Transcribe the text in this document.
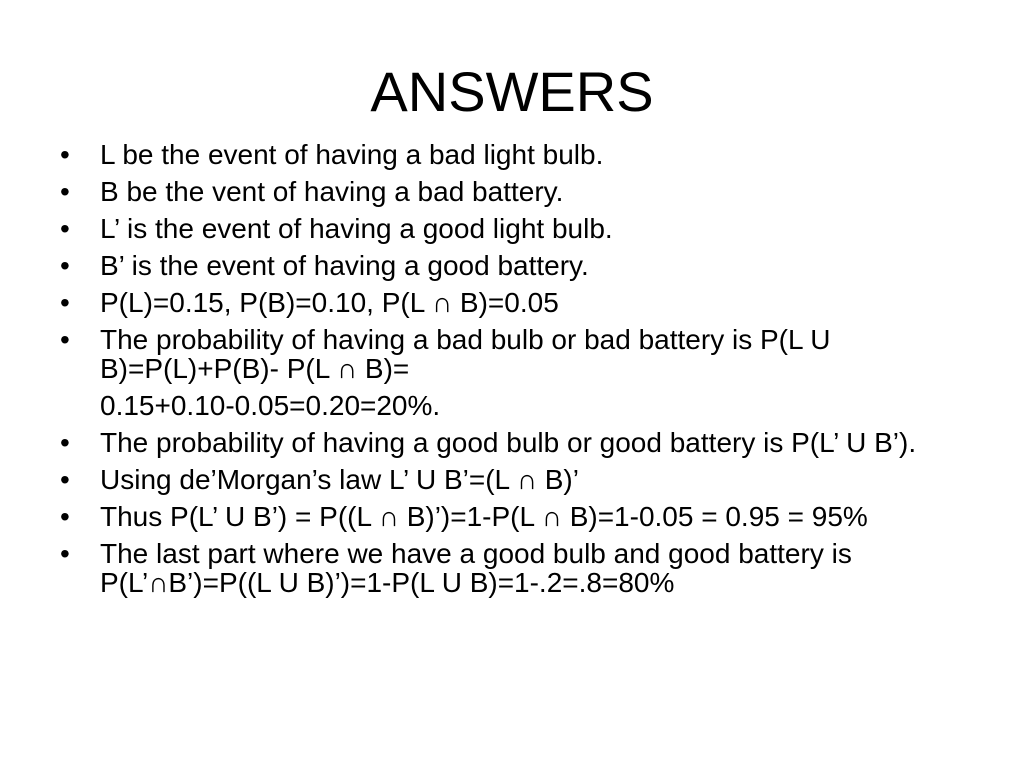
ANSWERS
• L be the event of having a bad light bulb.
• B be the vent of having a bad battery.
• L’ is the event of having a good light bulb.
• B’ is the event of having a good battery.
• P(L)=0.15, P(B)=0.10, P(L ∩ B)=0.05
• The probability of having a bad bulb or bad battery is P(L U B)=P(L)+P(B)- P(L ∩ B)=
0.15+0.10-0.05=0.20=20%.
• The probability of having a good bulb or good battery is P(L’ U B’).
• Using de’Morgan’s law L’ U B’=(L ∩ B)’
• Thus P(L’ U B’) = P((L ∩ B)’)=1-P(L ∩ B)=1-0.05 = 0.95 = 95%
• The last part where we have a good bulb and good battery is P(L’∩B’)=P((L U B)’)=1-P(L U B)=1-.2=.8=80%
